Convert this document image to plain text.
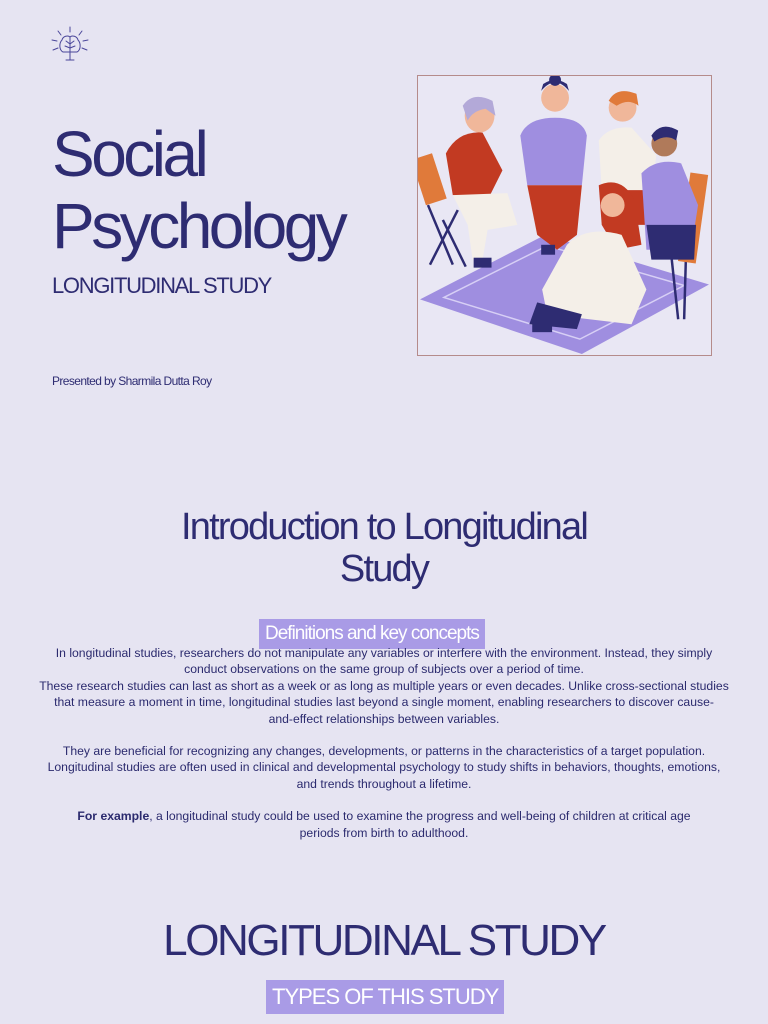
Social
Psychology
LONGITUDINAL STUDY
Presented by Sharmila Dutta Roy
Introduction to Longitudinal
Study
Definitions and key concepts

In longitudinal studies, researchers do not manipulate any variables or interfere with the environment. Instead, they simply
conduct observations on the same group of subjects over a period of time.

These research studies can last as short as a week or as long as multiple years or even decades. Unlike cross-sectional studies
that measure a moment in time, longitudinal studies last beyond a single moment, enabling researchers to discover cause-
and-effect relationships between variables.

They are beneficial for recognizing any changes, developments, or patterns in the characteristics of a target population.
Longitudinal studies are often used in clinical and developmental psychology to study shifts in behaviors, thoughts, emotions,
and trends throughout a lifetime.

For example, a longitudinal study could be used to examine the progress and well-being of children at critical age
periods from birth to adulthood.

LONGITUDINAL STUDY
TYPES OF THIS STUDY
